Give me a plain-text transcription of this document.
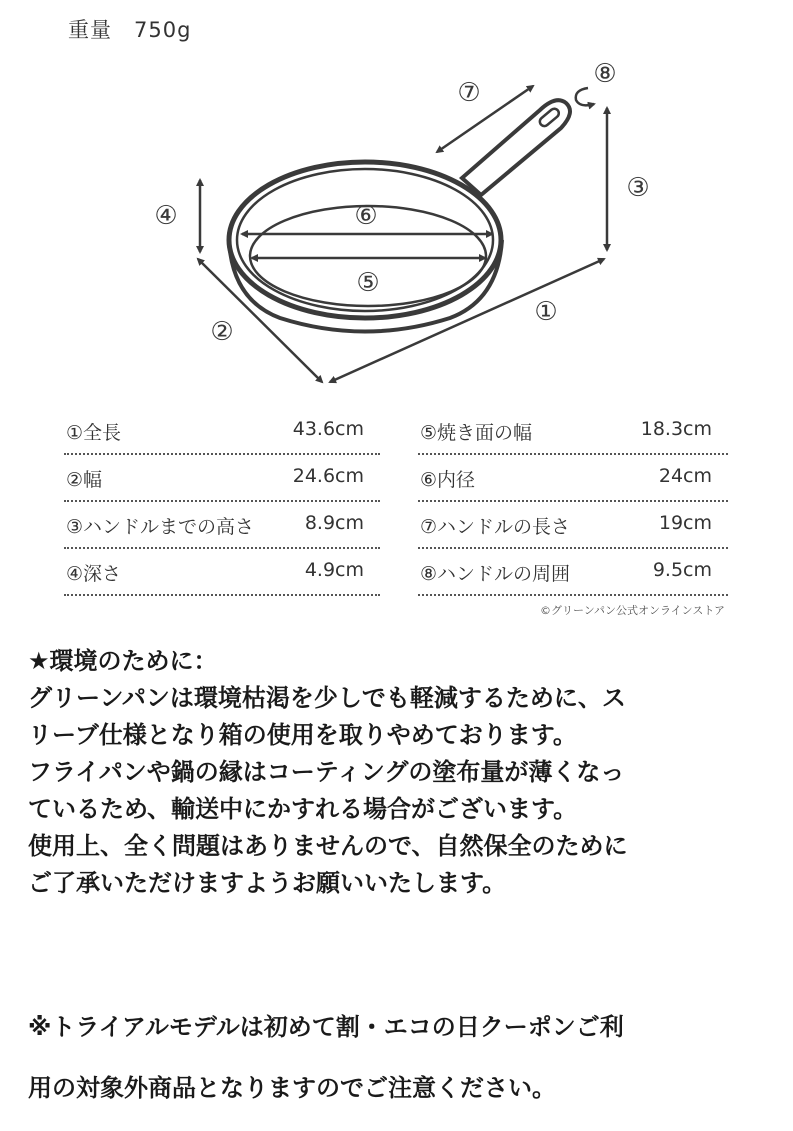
重量　750g
①
②
③
④
⑤
⑥
⑦
⑧
①全長	43.6cm
②幅	24.6cm
③ハンドルまでの高さ	8.9cm
④深さ	4.9cm
⑤焼き面の幅	18.3cm
⑥内径	24cm
⑦ハンドルの長さ	19cm
⑧ハンドルの周囲	9.5cm
©グリーンパン公式オンラインストア

★環境のために：

グリーンパンは環境枯渇を少しでも軽減するために、ス

リーブ仕様となり箱の使用を取りやめております。

フライパンや鍋の縁はコーティングの塗布量が薄くなっ

ているため、輸送中にかすれる場合がございます。

使用上、全く問題はありませんので、自然保全のために

ご了承いただけますようお願いいたします。

※トライアルモデルは初めて割・エコの日クーポンご利

用の対象外商品となりますのでご注意ください。
